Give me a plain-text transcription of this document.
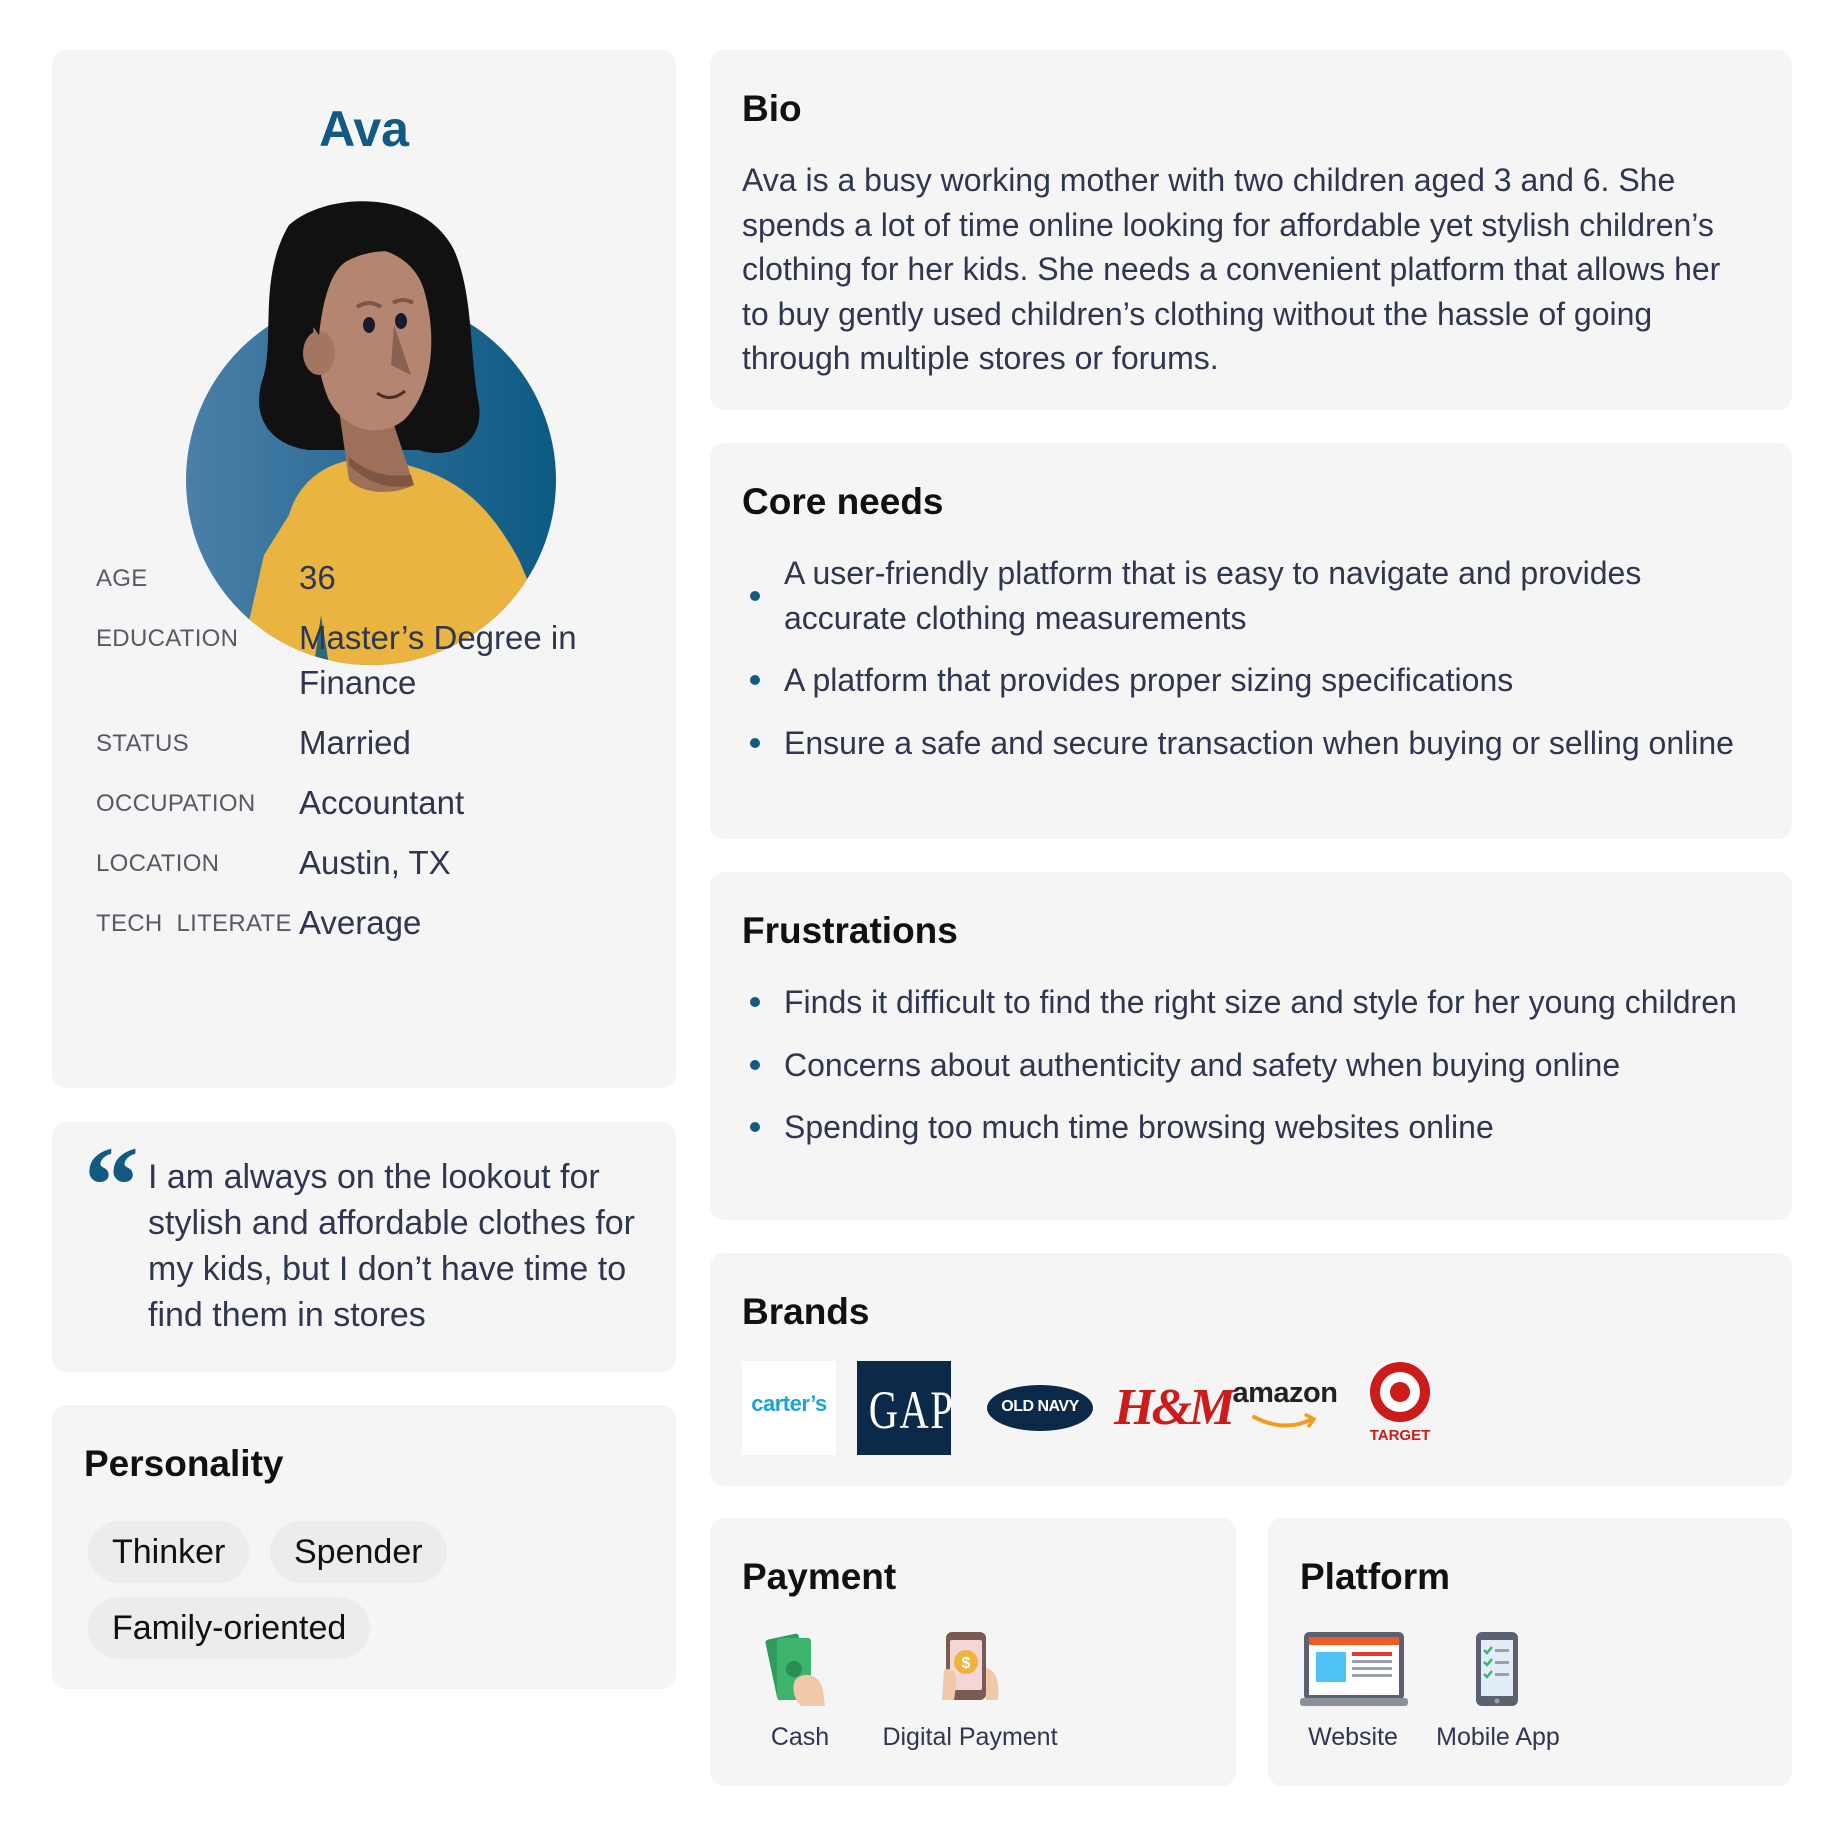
Ava
AGE	36
EDUCATION Master’s Degree in Finance
STATUS	Married
OCCUPATION Accountant
LOCATION Austin, TX
TECH  LITERATE Average
“ I am always on the lookout for stylish and affordable clothes for my kids, but I don’t have time to find them in stores
Personality
Thinker	Spender
Family-oriented
Bio
Ava is a busy working mother with two children aged 3 and 6. She spends a lot of time online looking for affordable yet stylish children’s clothing for her kids. She needs a convenient platform that allows her to buy gently used children’s clothing without the hassle of going through multiple stores or forums.
Core needs
A user-friendly platform that is easy to navigate and provides accurate clothing measurements
A platform that provides proper sizing specifications
Ensure a safe and secure transaction when buying or selling online
Frustrations
Finds it difficult to find the right size and style for her young children
Concerns about authenticity and safety when buying online
Spending too much time browsing websites online
Brands
carter’s GAP	OLD NAVY H&M amazon
TARGET
Payment
Cash
$
Digital Payment
Platform
Website	Mobile App
